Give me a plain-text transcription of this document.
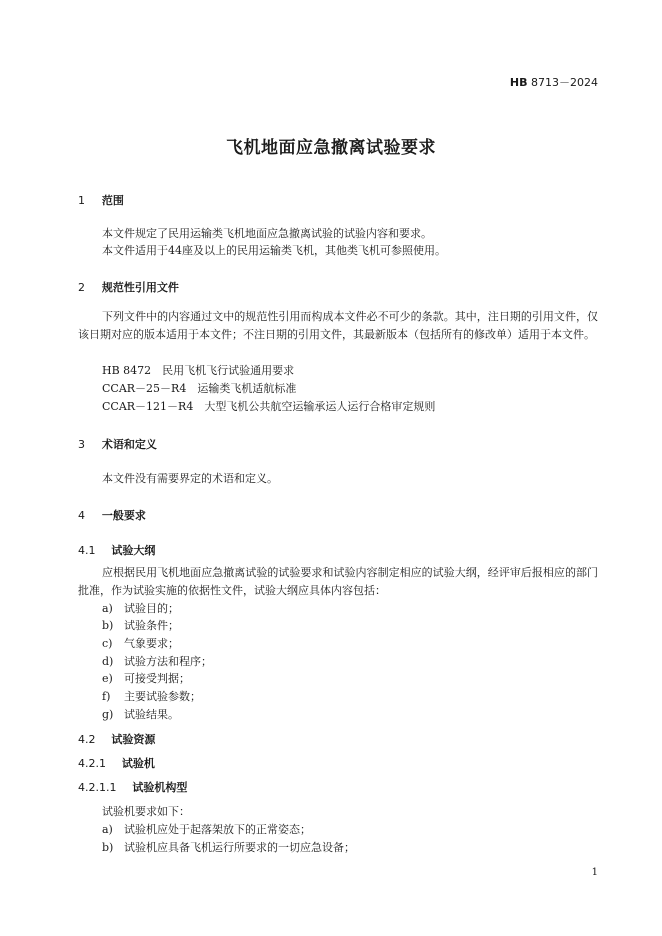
HB 8713－2024
飞机地面应急撤离试验要求
1 范围
本文件规定了民用运输类飞机地面应急撤离试验的试验内容和要求。
本文件适用于44座及以上的民用运输类飞机，其他类飞机可参照使用。
2 规范性引用文件
下列文件中的内容通过文中的规范性引用而构成本文件必不可少的条款。其中，注日期的引用文件，仅该日期对应的版本适用于本文件；不注日期的引用文件，其最新版本（包括所有的修改单）适用于本文件。
HB 8472　民用飞机飞行试验通用要求
CCAR－25－R4　运输类飞机适航标准
CCAR－121－R4　大型飞机公共航空运输承运人运行合格审定规则
3 术语和定义
本文件没有需要界定的术语和定义。
4 一般要求
4.1 试验大纲
应根据民用飞机地面应急撤离试验的试验要求和试验内容制定相应的试验大纲，经评审后报相应的部门批准，作为试验实施的依据性文件，试验大纲应具体内容包括：
a) 试验目的；
b) 试验条件；
c) 气象要求；
d) 试验方法和程序；
e) 可接受判据；
f) 主要试验参数；
g) 试验结果。
4.2 试验资源
4.2.1 试验机
4.2.1.1 试验机构型
试验机要求如下：
a) 试验机应处于起落架放下的正常姿态；
b) 试验机应具备飞机运行所要求的一切应急设备；
1
